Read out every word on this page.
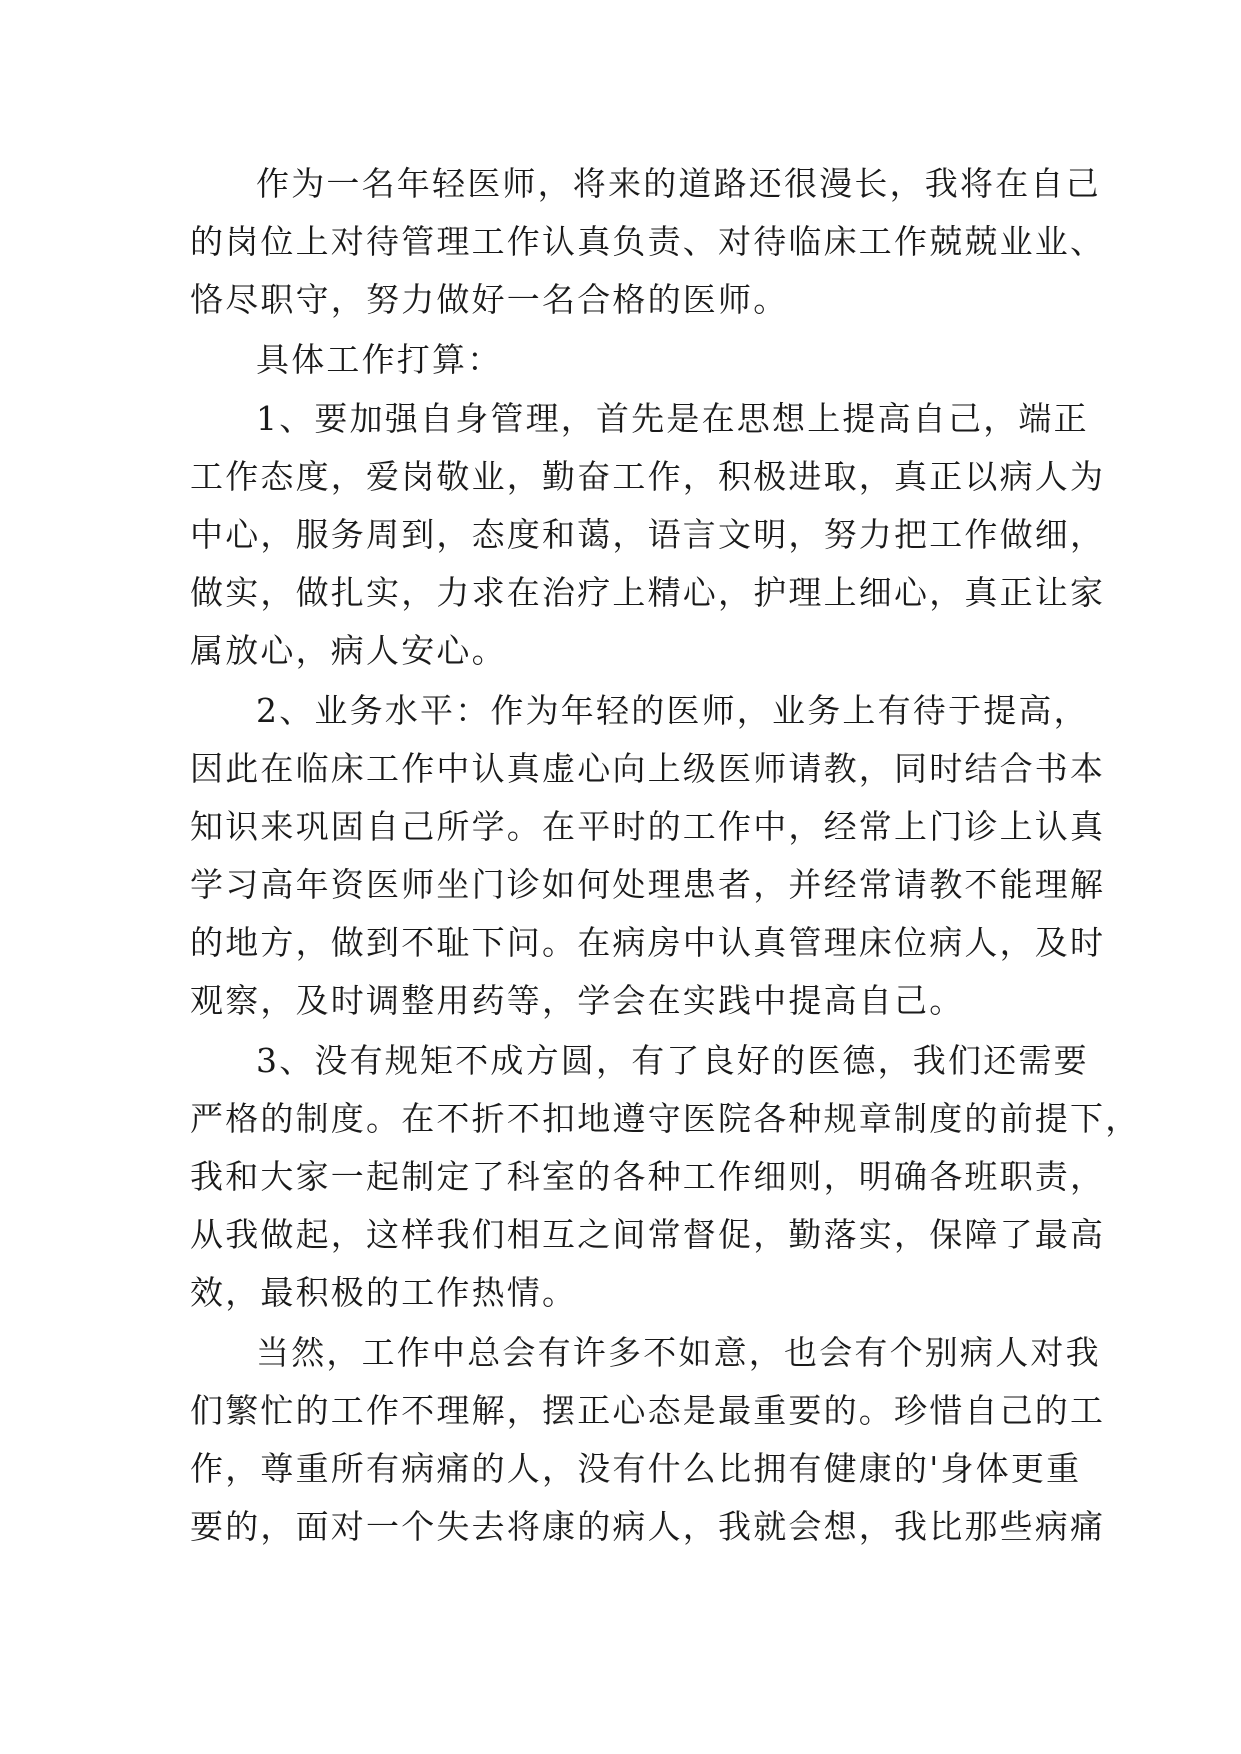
作为一名年轻医师，将来的道路还很漫长，我将在自己
的岗位上对待管理工作认真负责、对待临床工作兢兢业业、
恪尽职守，努力做好一名合格的医师。
具体工作打算：
1、要加强自身管理，首先是在思想上提高自己，端正
工作态度，爱岗敬业，勤奋工作，积极进取，真正以病人为
中心，服务周到，态度和蔼，语言文明，努力把工作做细，
做实，做扎实，力求在治疗上精心，护理上细心，真正让家
属放心，病人安心。
2、业务水平：作为年轻的医师，业务上有待于提高，
因此在临床工作中认真虚心向上级医师请教，同时结合书本
知识来巩固自己所学。在平时的工作中，经常上门诊上认真
学习高年资医师坐门诊如何处理患者，并经常请教不能理解
的地方，做到不耻下问。在病房中认真管理床位病人，及时
观察，及时调整用药等，学会在实践中提高自己。
3、没有规矩不成方圆，有了良好的医德，我们还需要
严格的制度。在不折不扣地遵守医院各种规章制度的前提下，
我和大家一起制定了科室的各种工作细则，明确各班职责，
从我做起，这样我们相互之间常督促，勤落实，保障了最高
效，最积极的工作热情。
当然，工作中总会有许多不如意，也会有个别病人对我
们繁忙的工作不理解，摆正心态是最重要的。珍惜自己的工
作，尊重所有病痛的人，没有什么比拥有健康的'身体更重
要的，面对一个失去将康的病人，我就会想，我比那些病痛
